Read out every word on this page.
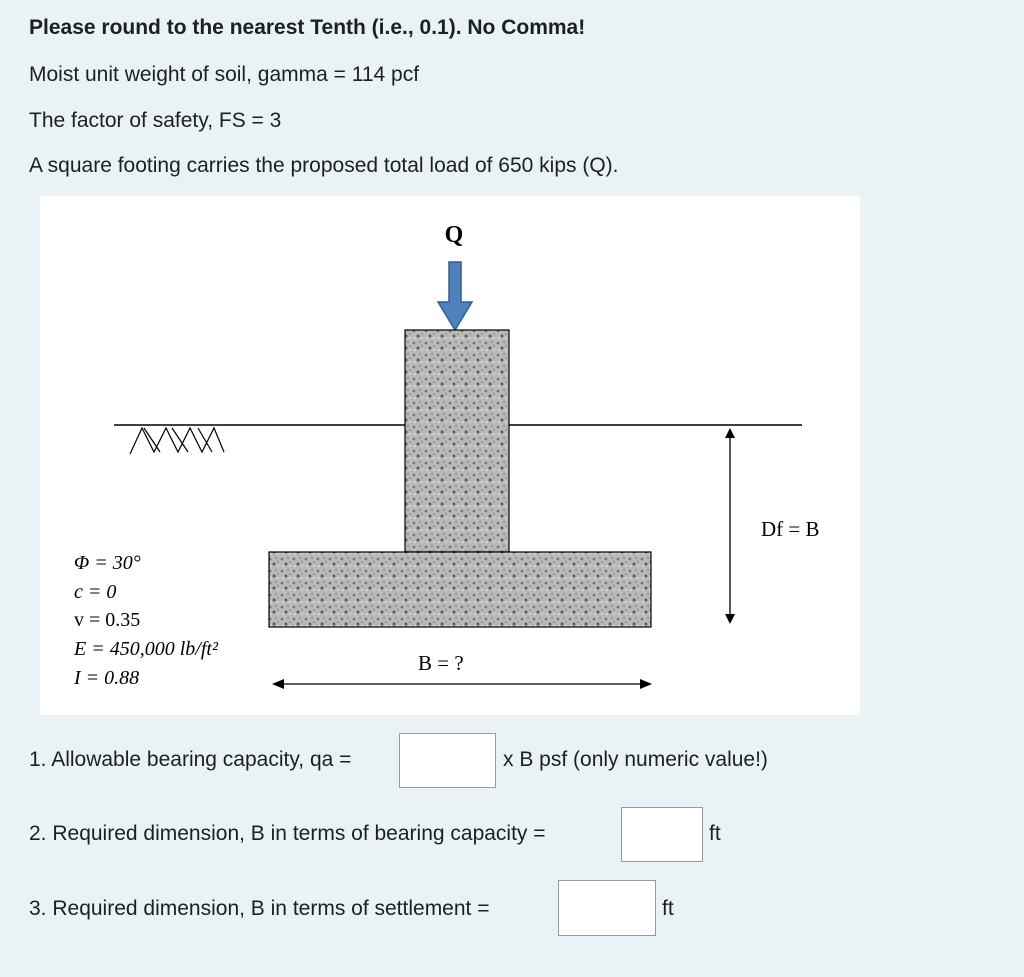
Please round to the nearest Tenth (i.e., 0.1). No Comma!
Moist unit weight of soil, gamma = 114 pcf
The factor of safety, FS = 3
A square footing carries the proposed total load of 650 kips (Q).
Q
Df = B
B = ?
Φ = 30°
c = 0
v = 0.35
E = 450,000 lb/ft²
I = 0.88
1. Allowable bearing capacity, qa =	x B psf (only numeric value!)
2. Required dimension, B in terms of bearing capacity =	ft
3. Required dimension, B in terms of settlement =	ft
